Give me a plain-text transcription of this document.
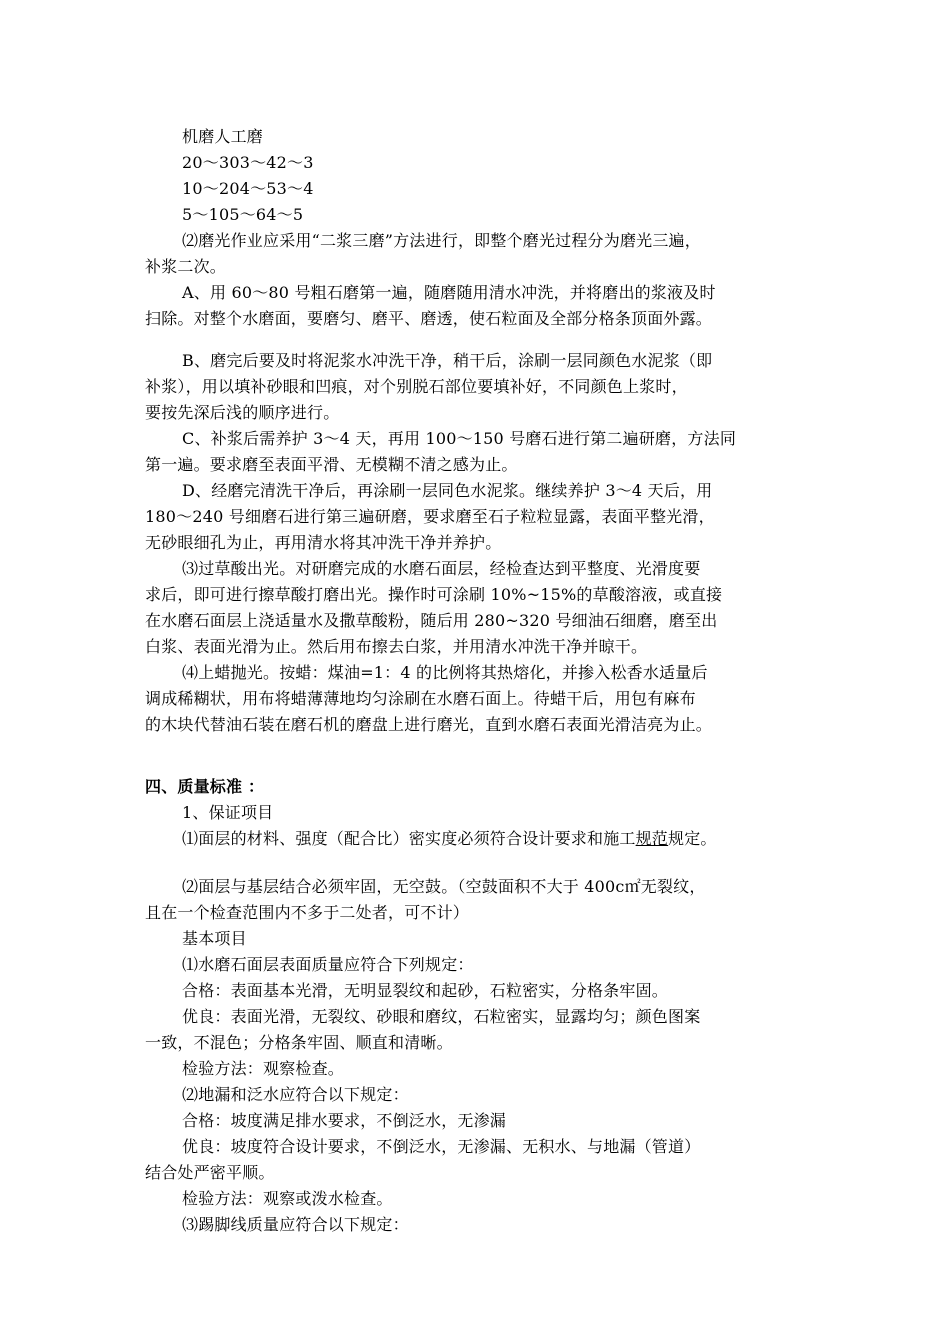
机磨人工磨
20～303～42～3
10～204～53～4
5～105～64～5
⑵磨光作业应采用“二浆三磨”方法进行，即整个磨光过程分为磨光三遍，
补浆二次。
A、用 60～80 号粗石磨第一遍，随磨随用清水冲洗，并将磨出的浆液及时
扫除。对整个水磨面，要磨匀、磨平、磨透，使石粒面及全部分格条顶面外露。
B、磨完后要及时将泥浆水冲洗干净，稍干后，涂刷一层同颜色水泥浆（即
补浆），用以填补砂眼和凹痕，对个别脱石部位要填补好，不同颜色上浆时，
要按先深后浅的顺序进行。
C、补浆后需养护 3～4 天，再用 100～150 号磨石进行第二遍研磨，方法同
第一遍。要求磨至表面平滑、无模糊不清之感为止。
D、经磨完清洗干净后，再涂刷一层同色水泥浆。继续养护 3～4 天后，用
180～240 号细磨石进行第三遍研磨，要求磨至石子粒粒显露，表面平整光滑，
无砂眼细孔为止，再用清水将其冲洗干净并养护。
⑶过草酸出光。对研磨完成的水磨石面层，经检查达到平整度、光滑度要
求后，即可进行擦草酸打磨出光。操作时可涂刷 10%~15%的草酸溶液，或直接
在水磨石面层上浇适量水及撒草酸粉，随后用 280~320 号细油石细磨，磨至出
白浆、表面光滑为止。然后用布擦去白浆，并用清水冲洗干净并晾干。
⑷上蜡抛光。按蜡：煤油=1：4 的比例将其热熔化，并掺入松香水适量后
调成稀糊状，用布将蜡薄薄地均匀涂刷在水磨石面上。待蜡干后，用包有麻布
的木块代替油石装在磨石机的磨盘上进行磨光，直到水磨石表面光滑洁亮为止。
四、质量标准 ：
1、保证项目
⑴面层的材料、强度（配合比）密实度必须符合设计要求和施工规范规定。
⑵面层与基层结合必须牢固，无空鼓。（空鼓面积不大于 400c㎡无裂纹，
且在一个检查范围内不多于二处者，可不计）
基本项目
⑴水磨石面层表面质量应符合下列规定：
合格：表面基本光滑，无明显裂纹和起砂，石粒密实，分格条牢固。
优良：表面光滑，无裂纹、砂眼和磨纹，石粒密实，显露均匀；颜色图案
一致，不混色；分格条牢固、顺直和清晰。
检验方法：观察检查。
⑵地漏和泛水应符合以下规定：
合格：坡度满足排水要求，不倒泛水，无渗漏
优良：坡度符合设计要求，不倒泛水，无渗漏、无积水、与地漏（管道）
结合处严密平顺。
检验方法：观察或泼水检查。
⑶踢脚线质量应符合以下规定：
